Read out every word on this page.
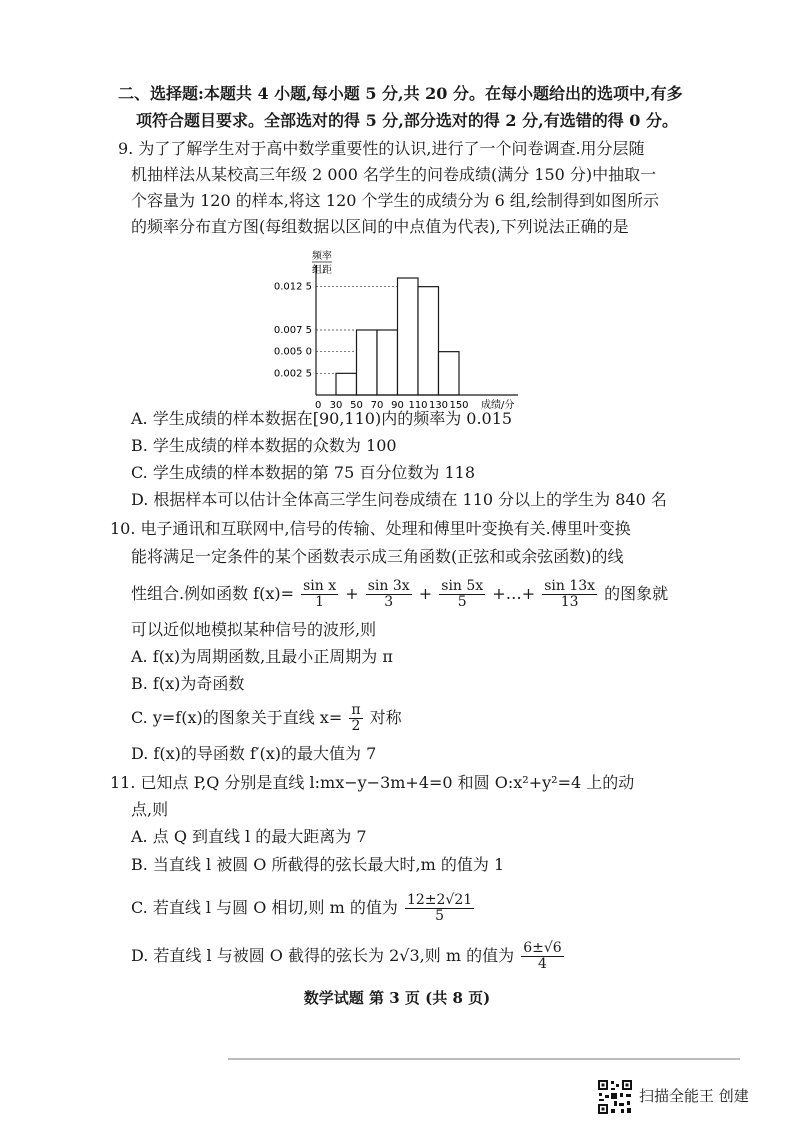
二、选择题:本题共 4 小题,每小题 5 分,共 20 分。在每小题给出的选项中,有多
项符合题目要求。全部选对的得 5 分,部分选对的得 2 分,有选错的得 0 分。
9. 为了了解学生对于高中数学重要性的认识,进行了一个问卷调查.用分层随
机抽样法从某校高三年级 2 000 名学生的问卷成绩(满分 150 分)中抽取一
个容量为 120 的样本,将这 120 个学生的成绩分为 6 组,绘制得到如图所示
的频率分布直方图(每组数据以区间的中点值为代表),下列说法正确的是
频率
组距
0.012 5
0.007 5
0.005 0
0.002 5
30 50 70 90 110 130 150
0	成绩/分
A. 学生成绩的样本数据在[90,110)内的频率为 0.015
B. 学生成绩的样本数据的众数为 100
C. 学生成绩的样本数据的第 75 百分位数为 118
D. 根据样本可以估计全体高三学生问卷成绩在 110 分以上的学生为 840 名
10. 电子通讯和互联网中,信号的传输、处理和傅里叶变换有关.傅里叶变换
能将满足一定条件的某个函数表示成三角函数(正弦和或余弦函数)的线
性组合.例如函数 $f(x)= \frac{\text{sin x}}{1} + \frac{\sin 3x}{3} + \frac{\sin 5x}{5}$ +…+ $\frac{\sin 13x}{13}$ 的图象就
可以近似地模拟某种信号的波形,则
A. f(x)为周期函数,且最小正周期为 π
B. f(x)为奇函数
C. y=f(x)的图象关于直线 $x= \frac{\pi}{2}$ 对称
D. f(x)的导函数 f′(x)的最大值为 7
11. 已知点 P,Q 分别是直线 l:mx−y−3m+4=0 和圆 O:x²+y²=4 上的动
点,则
A. 点 Q 到直线 l 的最大距离为 7
B. 当直线 l 被圆 O 所截得的弦长最大时,m 的值为 1
C. 若直线 l 与圆 O 相切,则 m 的值为 $\frac{12\pm 2√21}{5}$
D. 若直线 l 与被圆 O 截得的弦长为 2√3,则 m 的值为 $\frac{6\pm√6}{4}$
数学试题 第 3 页 (共 8 页)
扫描全能王 创建
